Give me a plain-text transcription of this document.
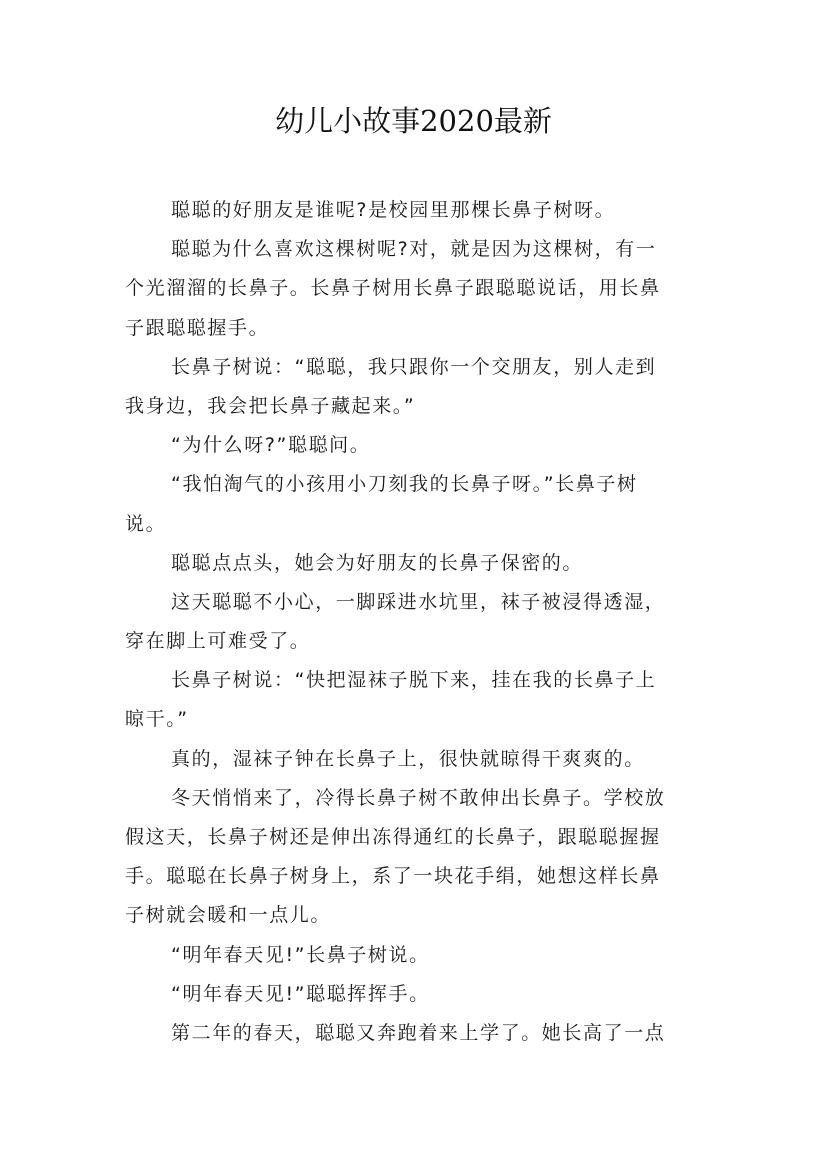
幼儿小故事2020最新
聪聪的好朋友是谁呢?是校园里那棵长鼻子树呀。
聪聪为什么喜欢这棵树呢?对，就是因为这棵树，有一
个光溜溜的长鼻子。长鼻子树用长鼻子跟聪聪说话，用长鼻
子跟聪聪握手。
长鼻子树说：“聪聪，我只跟你一个交朋友，别人走到
我身边，我会把长鼻子藏起来。”
“为什么呀?”聪聪问。
“我怕淘气的小孩用小刀刻我的长鼻子呀。”长鼻子树
说。
聪聪点点头，她会为好朋友的长鼻子保密的。
这天聪聪不小心，一脚踩进水坑里，袜子被浸得透湿，
穿在脚上可难受了。
长鼻子树说：“快把湿袜子脱下来，挂在我的长鼻子上
晾干。”
真的，湿袜子钟在长鼻子上，很快就晾得干爽爽的。
冬天悄悄来了，冷得长鼻子树不敢伸出长鼻子。学校放
假这天，长鼻子树还是伸出冻得通红的长鼻子，跟聪聪握握
手。聪聪在长鼻子树身上，系了一块花手绢，她想这样长鼻
子树就会暖和一点儿。
“明年春天见!”长鼻子树说。
“明年春天见!”聪聪挥挥手。
第二年的春天，聪聪又奔跑着来上学了。她长高了一点
